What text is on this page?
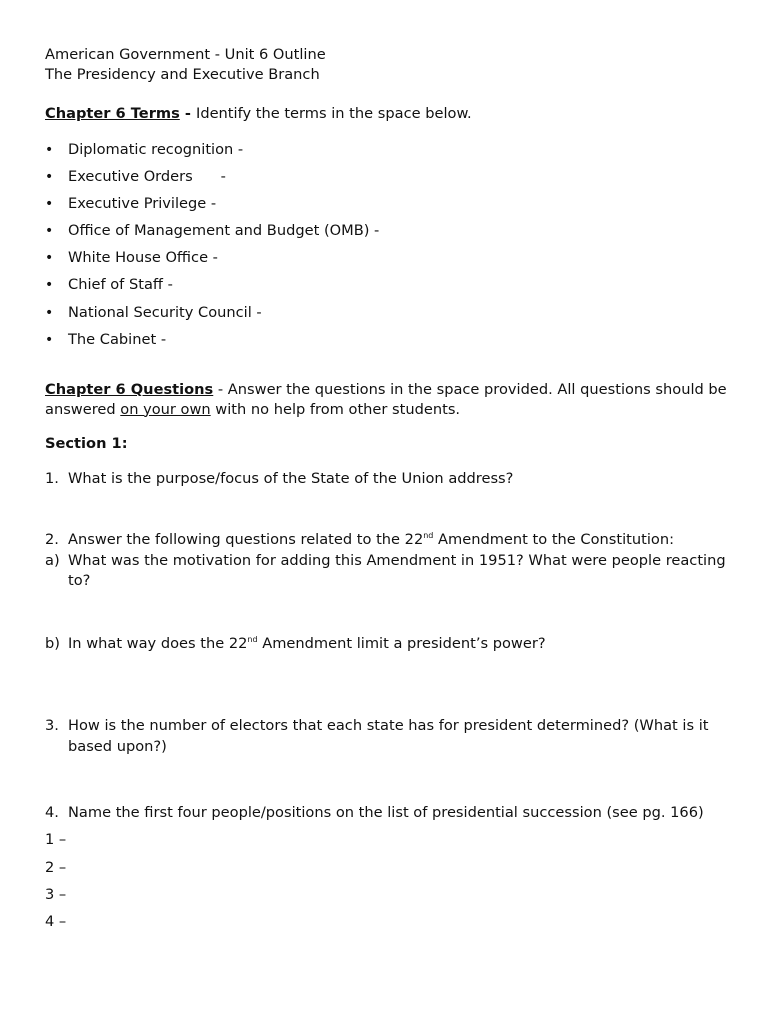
American Government - Unit 6 Outline

The Presidency and Executive Branch

Chapter 6 Terms - Identify the terms in the space below.

• Diplomatic recognition -
• Executive Orders      -
• Executive Privilege -
• Office of Management and Budget (OMB) -
• White House Office -
• Chief of Staff -
• National Security Council -
• The Cabinet -

Chapter 6 Questions - Answer the questions in the space provided. All questions should be answered on your own with no help from other students.

Section 1:

1. What is the purpose/focus of the State of the Union address?
2. Answer the following questions related to the 22nd Amendment to the Constitution:
a) What was the motivation for adding this Amendment in 1951? What were people reacting to?
b) In what way does the 22nd Amendment limit a president’s power?
3. How is the number of electors that each state has for president determined? (What is it based upon?)
4. Name the first four people/positions on the list of presidential succession (see pg. 166)

1 –

2 –

3 –

4 –
